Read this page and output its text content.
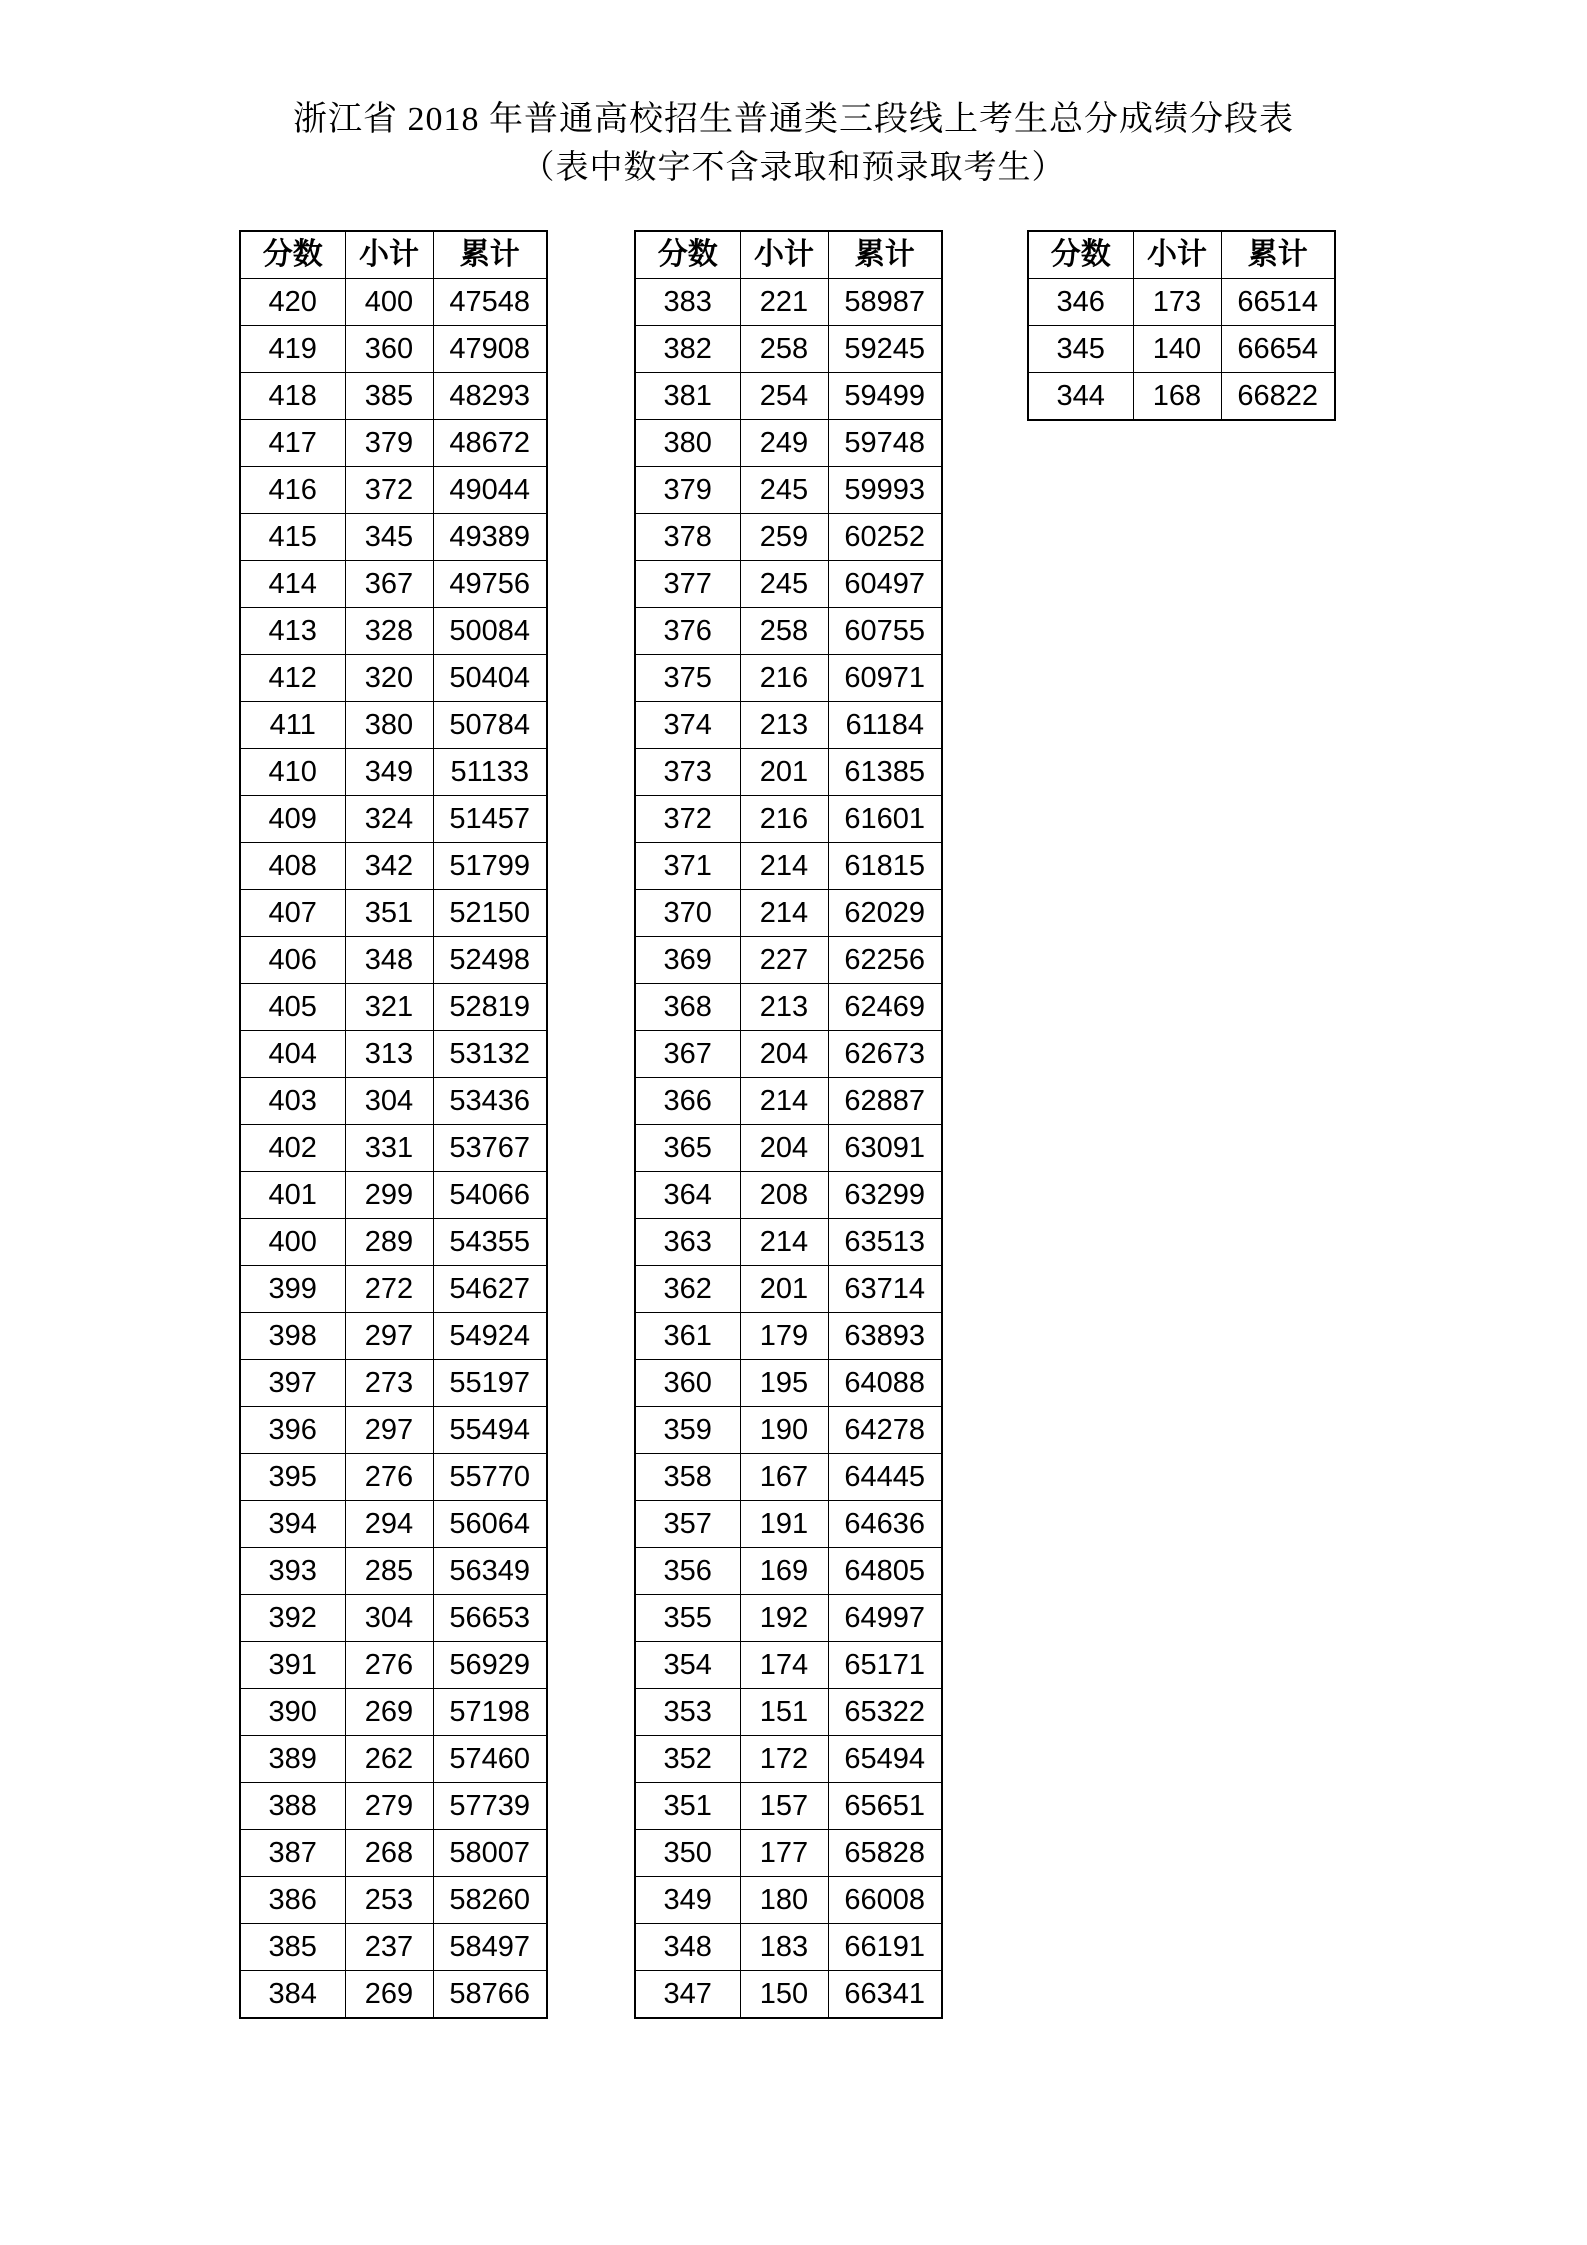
浙江省 2018 年普通高校招生普通类三段线上考生总分成绩分段表
（表中数字不含录取和预录取考生）
分数	小计	累计
420	400	47548
419	360	47908
418	385	48293
417	379	48672
416	372	49044
415	345	49389
414	367	49756
413	328	50084
412	320	50404
411	380	50784
410	349	51133
409	324	51457
408	342	51799
407	351	52150
406	348	52498
405	321	52819
404	313	53132
403	304	53436
402	331	53767
401	299	54066
400	289	54355
399	272	54627
398	297	54924
397	273	55197
396	297	55494
395	276	55770
394	294	56064
393	285	56349
392	304	56653
391	276	56929
390	269	57198
389	262	57460
388	279	57739
387	268	58007
386	253	58260
385	237	58497
384	269	58766
分数	小计	累计
383	221	58987
382	258	59245
381	254	59499
380	249	59748
379	245	59993
378	259	60252
377	245	60497
376	258	60755
375	216	60971
374	213	61184
373	201	61385
372	216	61601
371	214	61815
370	214	62029
369	227	62256
368	213	62469
367	204	62673
366	214	62887
365	204	63091
364	208	63299
363	214	63513
362	201	63714
361	179	63893
360	195	64088
359	190	64278
358	167	64445
357	191	64636
356	169	64805
355	192	64997
354	174	65171
353	151	65322
352	172	65494
351	157	65651
350	177	65828
349	180	66008
348	183	66191
347	150	66341
分数	小计	累计
346	173	66514
345	140	66654
344	168	66822
